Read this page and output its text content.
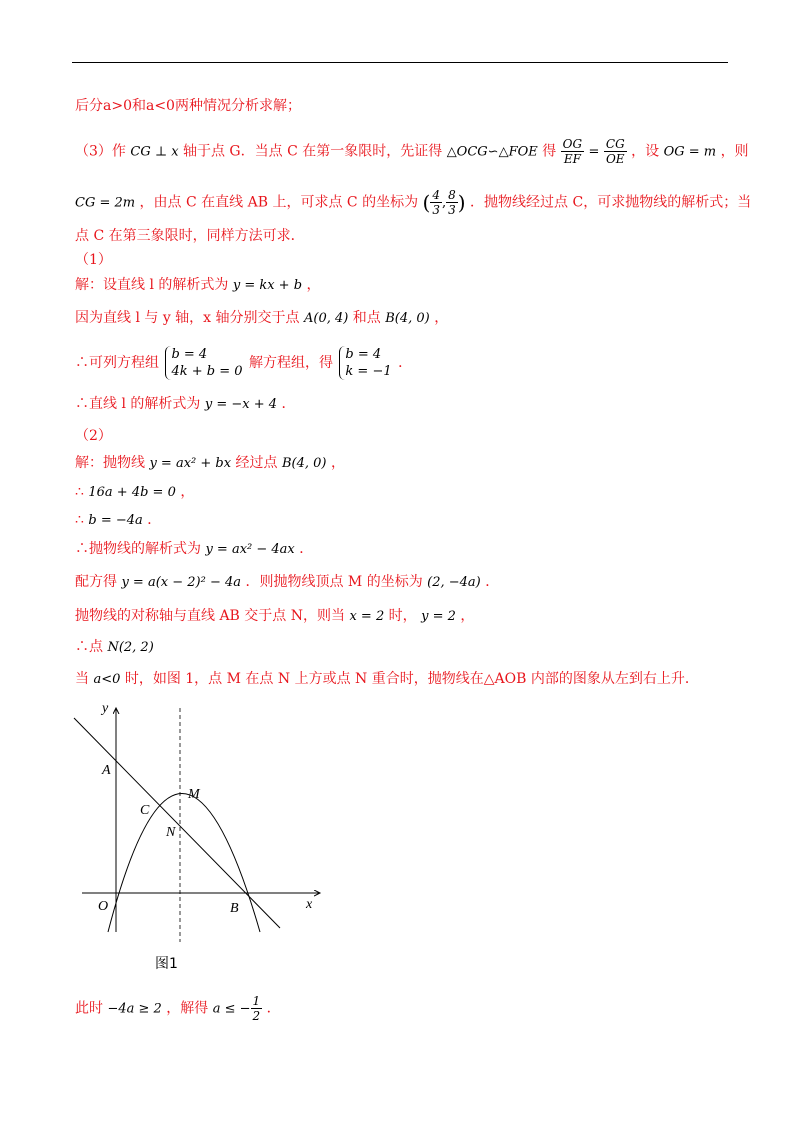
后分a>0和a<0两种情况分析求解；
（3）作 CG ⊥ x 轴于点 G．当点 C 在第一象限时，先证得 △OCG∽△FOE 得 $\frac{OG}{EF} = \frac{CG}{OE}$ ，设 OG = m ，则
CG = 2m ，由点 C 在直线 AB 上，可求点 C 的坐标为 ( $\frac{4}{3}$ , $\frac{8}{3}$ ) ．抛物线经过点 C，可求抛物线的解析式；当
点 C 在第三象限时，同样方法可求．
（1）
解：设直线 l 的解析式为 y = kx + b ，
因为直线 l 与 y 轴，x 轴分别交于点 A(0, 4) 和点 B(4, 0) ，
∴可列方程组 b = 4
4k + b = 0 解方程组，得 b = 4
k = −1 ．
∴直线 l 的解析式为 y = −x + 4 ．
（2）
解：抛物线 y = ax² + bx 经过点 B(4, 0) ，
∴ 16a + 4b = 0 ，
∴ b = −4a ．
∴抛物线的解析式为 y = ax² − 4ax ．
配方得 y = a(x − 2)² − 4a ．则抛物线顶点 M 的坐标为 (2, −4a) ．
抛物线的对称轴与直线 AB 交于点 N，则当 x = 2 时， y = 2 ，
∴点 N(2, 2)
当 a<0 时，如图 1，点 M 在点 N 上方或点 N 重合时，抛物线在△AOB 内部的图象从左到右上升．
y
x
A
M
C
N
O	B
图1
此时 −4a ≥ 2 ，解得 a ≤ − $\frac{1}{2}$ ．
